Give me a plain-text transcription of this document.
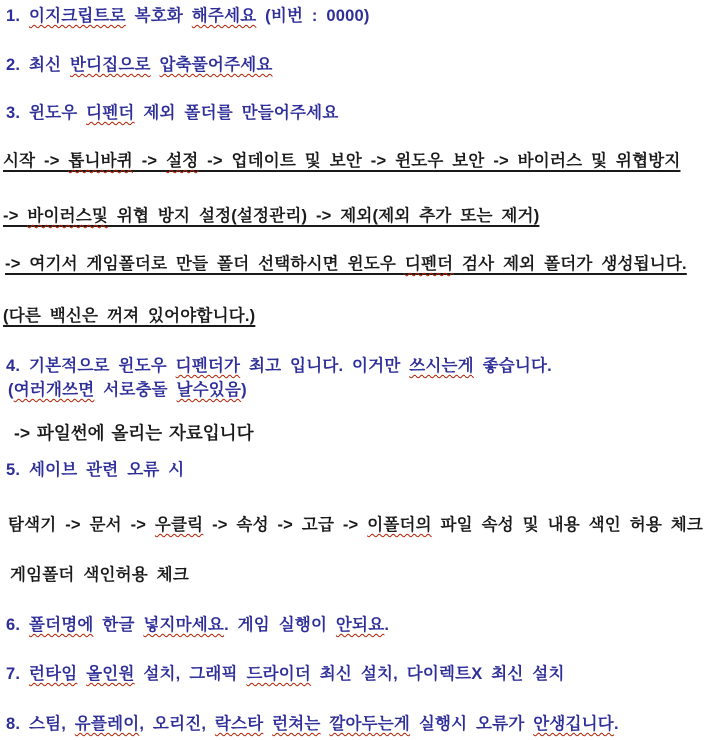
1. 이지크립트로 복호화 해주세요 (비번 : 0000)
2. 최신 반디집으로 압축풀어주세요
3. 윈도우 디펜더 제외 폴더를 만들어주세요
시작 -> 톱니바퀴 -> 설정 -> 업데이트 및 보안 -> 윈도우 보안 -> 바이러스 및 위협방지
-> 바이러스및 위협 방지 설정(설정관리) -> 제외(제외 추가 또는 제거)
-> 여기서 게임폴더로 만들 폴더 선택하시면 윈도우 디펜더 검사 제외 폴더가 생성됩니다.
(다른 백신은 꺼져 있어야합니다.)
4. 기본적으로 윈도우 디펜더가 최고 입니다. 이거만 쓰시는게 좋습니다.
(여러개쓰면 서로충돌 날수있음)
-> 파일썬에 올리는 자료입니다
5. 세이브 관련 오류 시
탐색기 -> 문서 -> 우클릭 -> 속성 -> 고급 -> 이폴더의 파일 속성 및 내용 색인 허용 체크
게임폴더 색인허용 체크
6. 폴더명에 한글 넣지마세요. 게임 실행이 안되요.
7. 런타임 올인원 설치, 그래픽 드라이더 최신 설치, 다이렉트X 최신 설치
8. 스팀, 유플레이, 오리진, 락스타 런쳐는 깔아두는게 실행시 오류가 안생깁니다.
